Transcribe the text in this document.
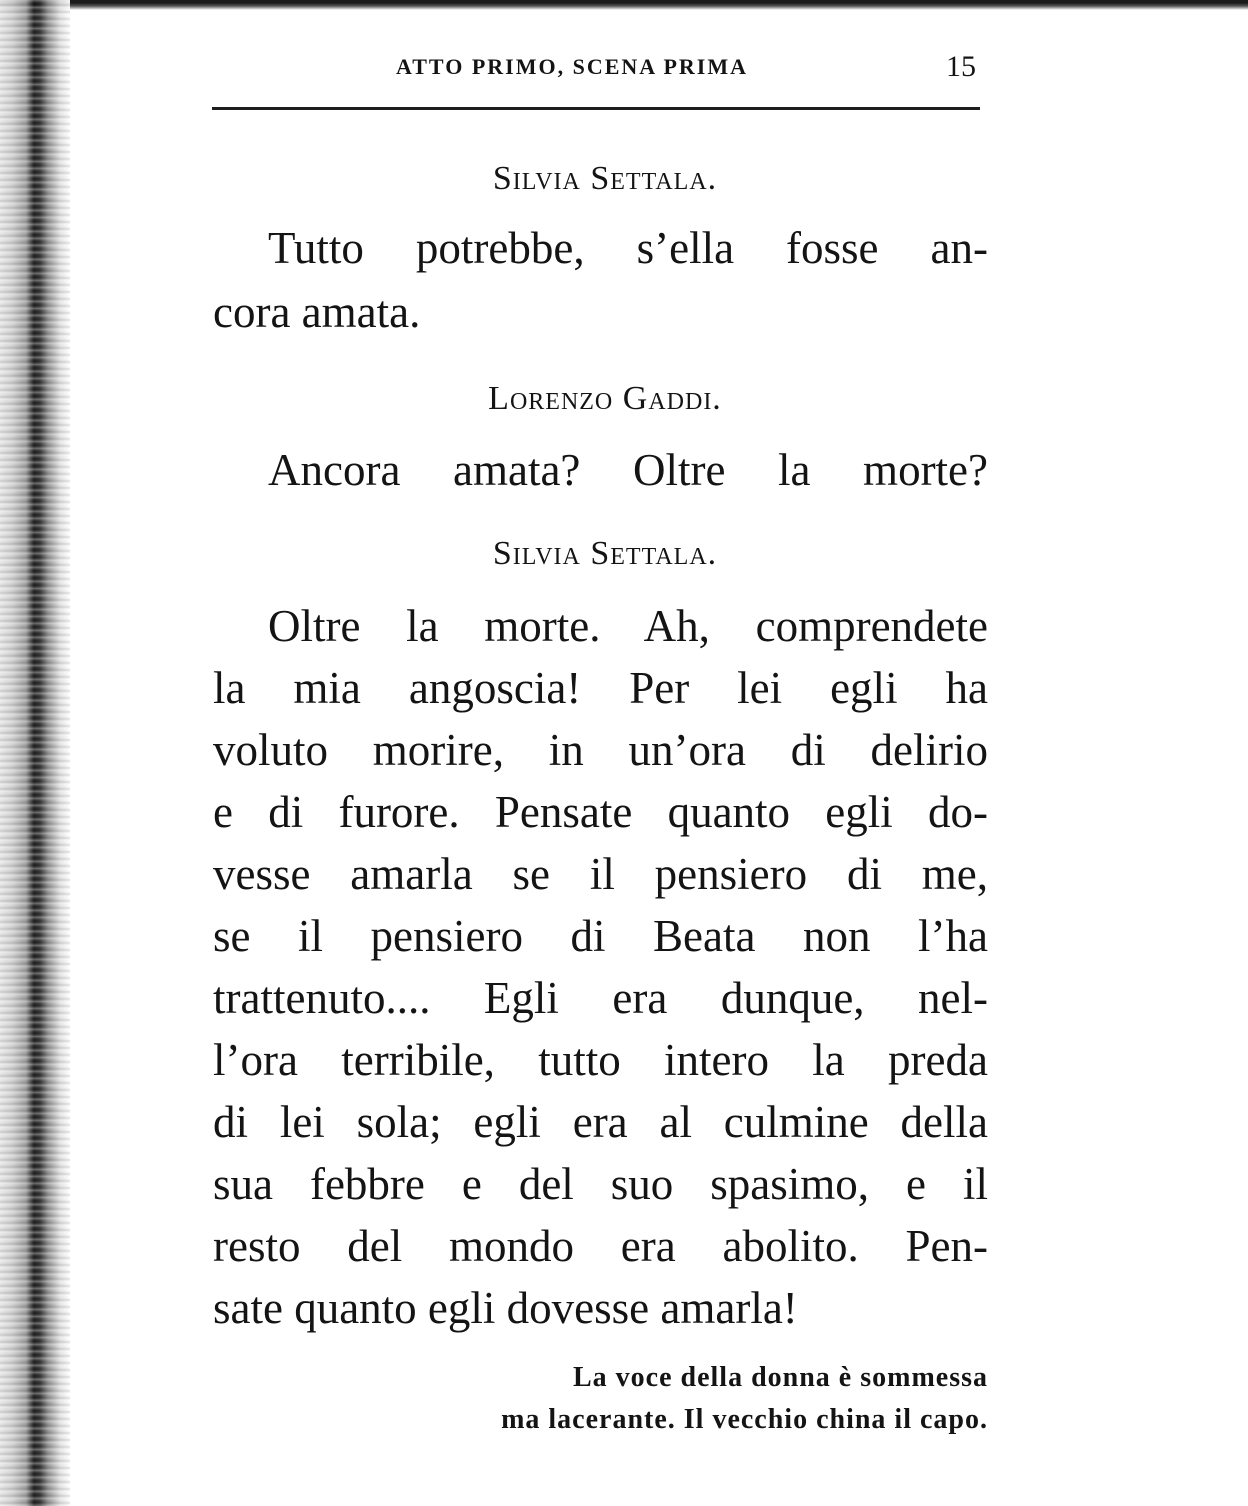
ATTO PRIMO, SCENA PRIMA	15
Silvia Settala.
Tutto potrebbe, s’ella fosse an-
cora amata.
Lorenzo Gaddi.
Ancora amata? Oltre la morte?
Silvia Settala.
Oltre la morte. Ah, comprendete
la mia angoscia! Per lei egli ha
voluto morire, in un’ora di delirio
e di furore. Pensate quanto egli do-
vesse amarla se il pensiero di me,
se il pensiero di Beata non l’ha
trattenuto.... Egli era dunque, nel-
l’ora terribile, tutto intero la preda
di lei sola; egli era al culmine della
sua febbre e del suo spasimo, e il
resto del mondo era abolito. Pen-
sate quanto egli dovesse amarla!
La voce della donna è sommessa
ma lacerante. Il vecchio china il capo.
